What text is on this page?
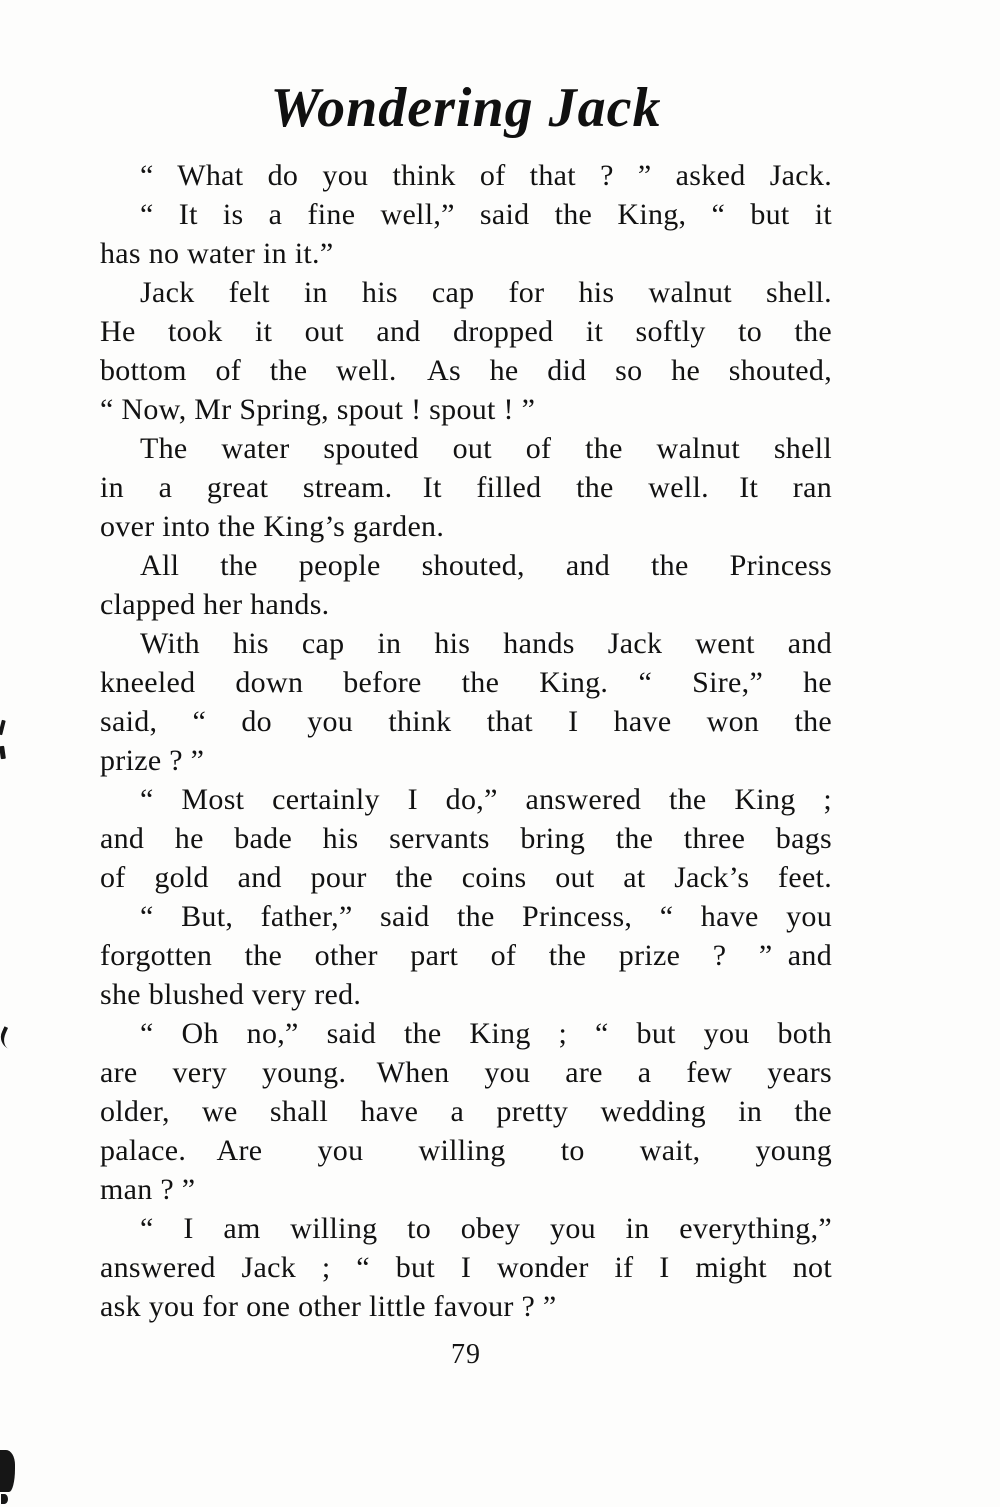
Wondering Jack
“ What do you think of that ? ” asked Jack.
“ It is a fine well,” said the King, “ but it
has no water in it.”
Jack felt in his cap for his walnut shell.
He took it out and dropped it softly to the
bottom of the well. As he did so he shouted,
“ Now, Mr Spring, spout ! spout ! ”
The water spouted out of the walnut shell
in a great stream. It filled the well. It ran
over into the King’s garden.
All the people shouted, and the Princess
clapped her hands.
With his cap in his hands Jack went and
kneeled down before the King. “ Sire,” he
said, “ do you think that I have won the
prize ? ”
“ Most certainly I do,” answered the King ;
and he bade his servants bring the three bags
of gold and pour the coins out at Jack’s feet.
“ But, father,” said the Princess, “ have you
forgotten the other part of the prize ? ” and
she blushed very red.
“ Oh no,” said the King ; “ but you both
are very young. When you are a few years
older, we shall have a pretty wedding in the
palace. Are you willing to wait, young
man ? ”
“ I am willing to obey you in everything,”
answered Jack ; “ but I wonder if I might not
ask you for one other little favour ? ”
79
